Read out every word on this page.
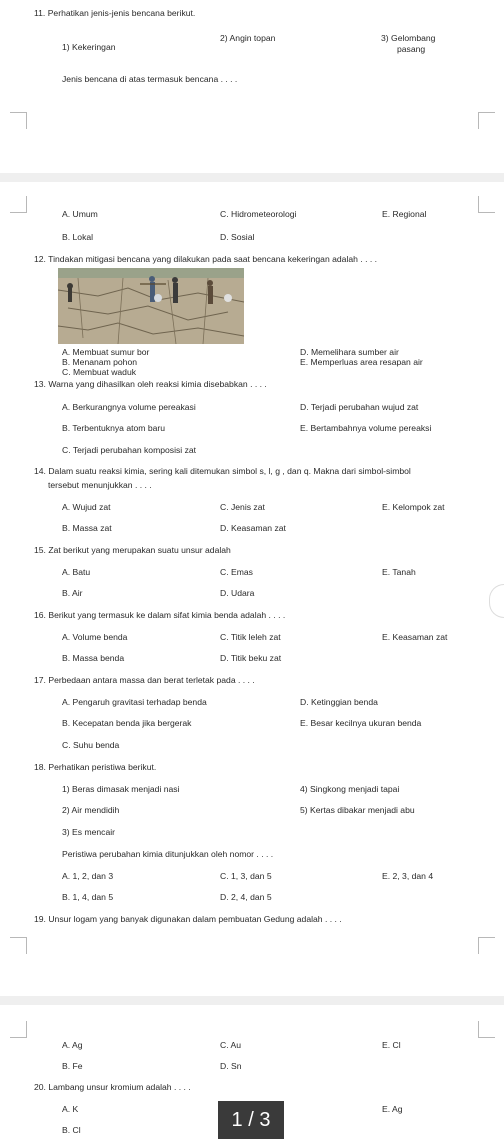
11. Perhatikan jenis-jenis bencana berikut.
1) Kekeringan
2) Angin topan	3) Gelombang
pasang
Jenis bencana di atas termasuk bencana . . . .
A. Umum
B. Lokal
C. Hidrometeorologi
D. Sosial
E. Regional
12. Tindakan mitigasi bencana yang dilakukan pada saat bencana kekeringan adalah . . . .
A. Membuat sumur bor
B. Menanam pohon
C. Membuat waduk
D. Memelihara sumber air
E. Memperluas area resapan air
13. Warna yang dihasilkan oleh reaksi kimia disebabkan . . . .
A. Berkurangnya volume pereakasi
B. Terbentuknya atom baru
C. Terjadi perubahan komposisi zat
D. Terjadi perubahan wujud zat
E. Bertambahnya volume pereaksi
14. Dalam suatu reaksi kimia, sering kali ditemukan simbol s, l, g , dan q. Makna dari simbol-simbol
tersebut menunjukkan . . . .
A. Wujud zat
B. Massa zat
C. Jenis zat
D. Keasaman zat
E. Kelompok zat
15. Zat berikut yang merupakan suatu unsur adalah
A. Batu
B. Air
C. Emas
D. Udara
E. Tanah
16. Berikut yang termasuk ke dalam sifat kimia benda adalah . . . .
A. Volume benda
B. Massa benda
C. Titik leleh zat
D. Titik beku zat
E. Keasaman zat
17. Perbedaan antara massa dan berat terletak pada . . . .
A. Pengaruh gravitasi terhadap benda
B. Kecepatan benda jika bergerak
C. Suhu benda
D. Ketinggian benda
E. Besar kecilnya ukuran benda
18. Perhatikan peristiwa berikut.
1) Beras dimasak menjadi nasi
2) Air mendidih
3) Es mencair
4) Singkong menjadi tapai
5) Kertas dibakar menjadi abu
Peristiwa perubahan kimia ditunjukkan oleh nomor . . . .
A. 1, 2, dan 3
B. 1, 4, dan 5
C. 1, 3, dan 5
D. 2, 4, dan 5
E. 2, 3, dan 4
19. Unsur logam yang banyak digunakan dalam pembuatan Gedung adalah . . . .
A. Ag
B. Fe
C. Au
D. Sn
E. Cl
20. Lambang unsur kromium adalah . . . .
A. K
B. Cl
E. Ag
1 / 3
